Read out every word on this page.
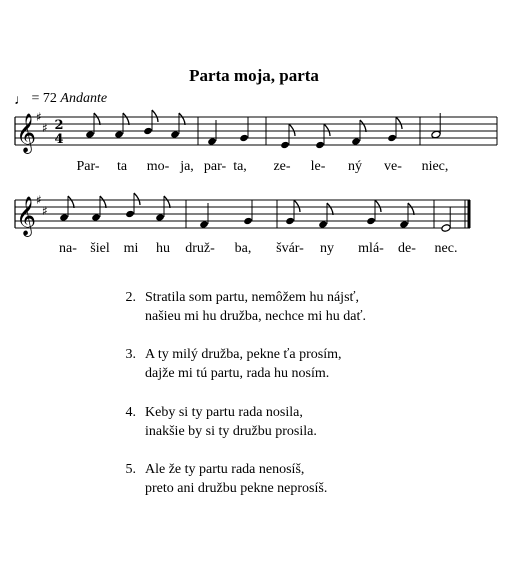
Parta moja, parta
♩ = 72 Andante
𝄞 ♯
♯ 2
4
Par- ta mo- ja, par- ta, ze- le- ný ve- niec,
𝄞 ♯
♯
na- šiel mi hu druž- ba, švár- ny mlá- de- nec.
2. Stratila som partu, nemôžem hu nájsť,
našieu mi hu družba, nechce mi hu dať.
3. A ty milý družba, pekne ťa prosím,
dajže mi tú partu, rada hu nosím.
4. Keby si ty partu rada nosila,
inakšie by si ty družbu prosila.
5. Ale že ty partu rada nenosíš,
preto ani družbu pekne neprosíš.
